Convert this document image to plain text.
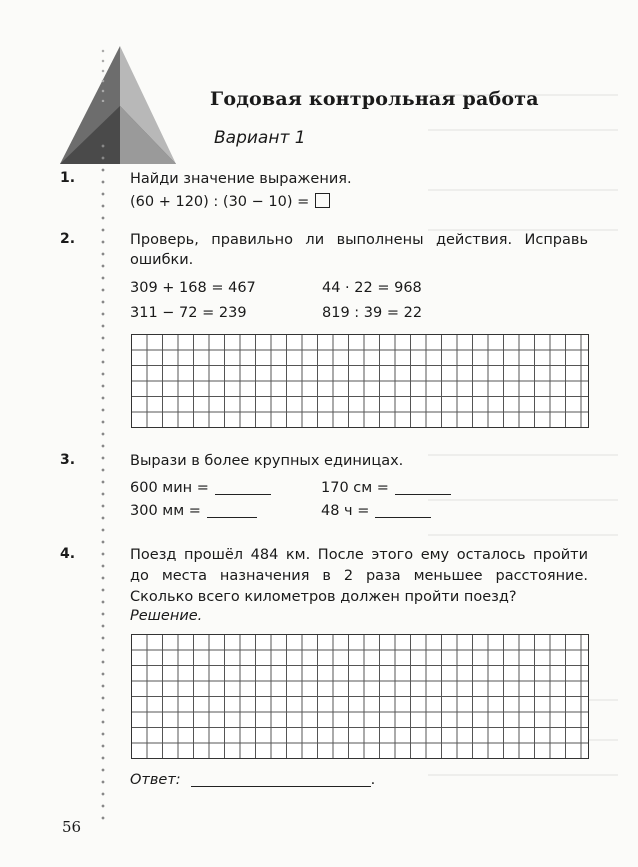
Годовая контрольная работа
Вариант 1
1.	Найди значение выражения.
(60 + 120) : (30 − 10) =
2.	Проверь, правильно ли выполнены действия. Исправь
ошибки.
309 + 168 = 467	44 · 22 = 968
311 − 72 = 239	819 : 39 = 22
3.	Вырази в более крупных единицах.
600 мин =	170 см =
300 мм =	48 ч =
4.	Поезд прошёл 484 км. После этого ему осталось пройти
до места назначения в 2 раза меньшее расстояние.
Сколько всего километров должен пройти поезд?
Решение.
Ответ:	.
56
